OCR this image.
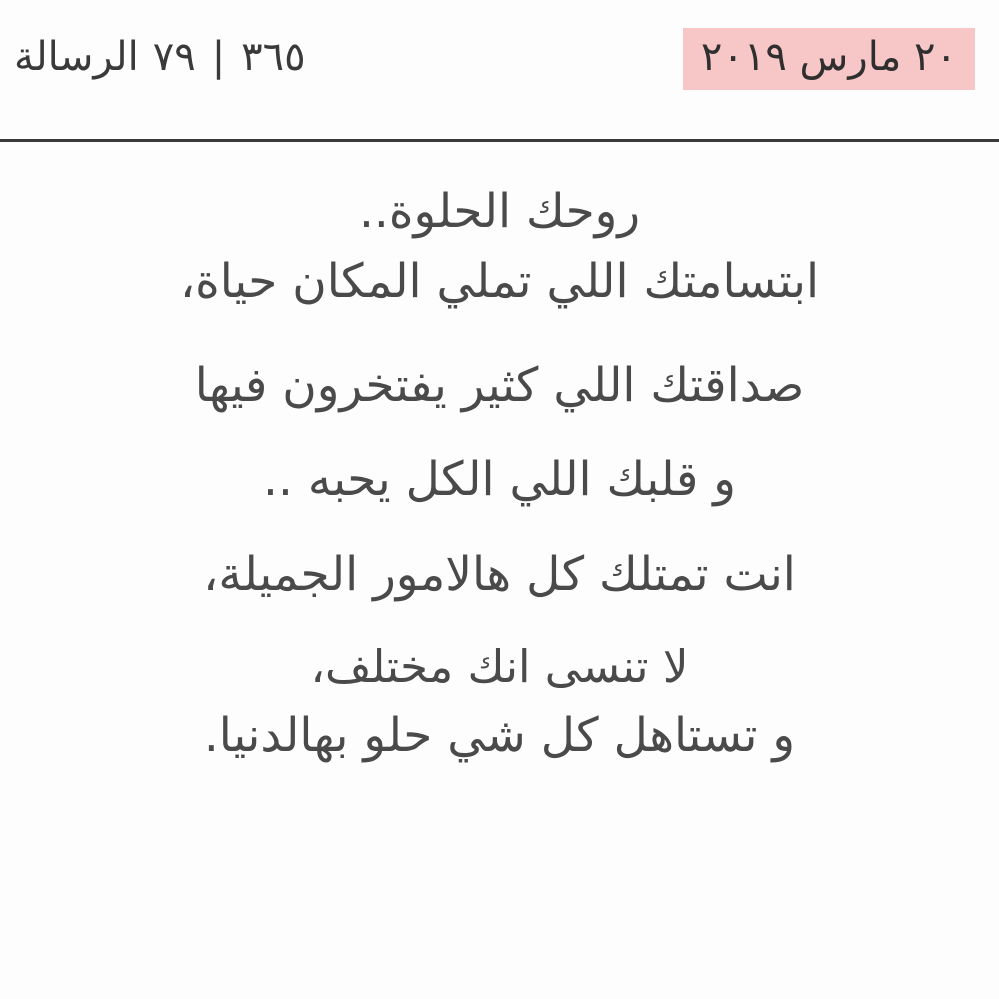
٢٠ مارس ٢٠١٩
٣٦٥
|
٧٩
الرسالة
روحك الحلوة..
ابتسامتك اللي تملي المكان حياة،
صداقتك اللي كثير يفتخرون فيها
و قلبك اللي الكل يحبه ..
انت تمتلك كل هالامور الجميلة،
لا تنسى انك مختلف،
و تستاهل كل شي حلو بهالدنيا.
